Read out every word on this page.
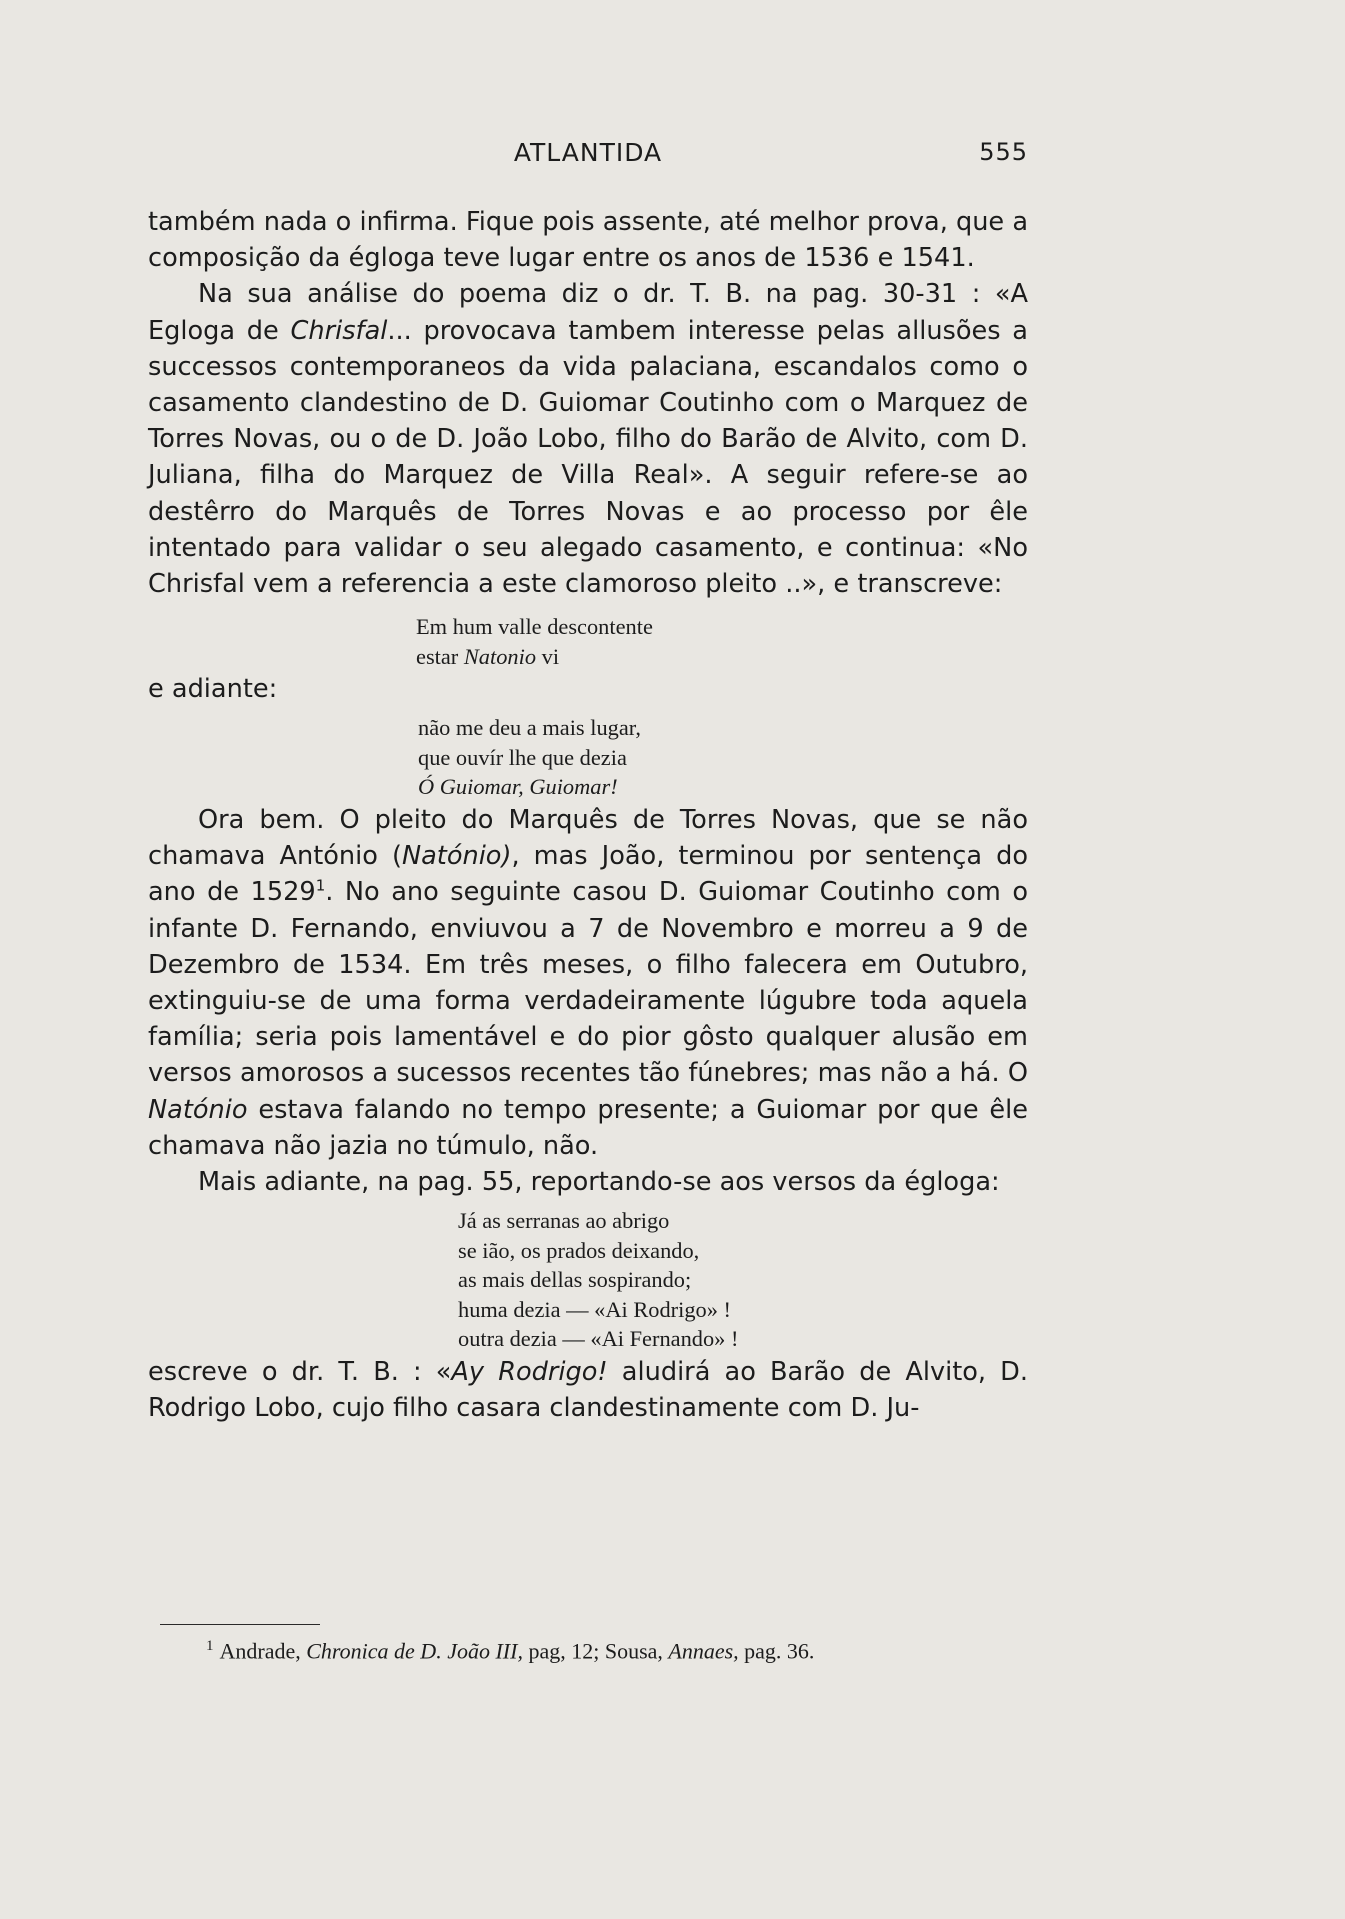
ATLANTIDA	555

também nada o infirma. Fique pois assente, até melhor prova, que a composição da égloga teve lugar entre os anos de 1536 e 1541.

Na sua análise do poema diz o dr. T. B. na pag. 30-31 : «A Egloga de Chrisfal... provocava tambem interesse pelas allusões a successos contemporaneos da vida palaciana, escandalos como o casamento clandestino de D. Guiomar Coutinho com o Marquez de Torres Novas, ou o de D. João Lobo, filho do Barão de Alvito, com D. Juliana, filha do Marquez de Villa Real». A seguir refere-se ao destêrro do Marquês de Torres Novas e ao processo por êle intentado para validar o seu alegado casamento, e continua: «No Chrisfal vem a referencia a este clamoroso pleito ..», e transcreve:

Em hum valle descontente
estar Natonio vi

e adiante:

não me deu a mais lugar,
que ouvír lhe que dezia
Ó Guiomar, Guiomar!

Ora bem. O pleito do Marquês de Torres Novas, que se não chamava António (Natónio), mas João, terminou por sentença do ano de 1529$^1$. No ano seguinte casou D. Guiomar Coutinho com o infante D. Fernando, enviuvou a 7 de Novembro e morreu a 9 de Dezembro de 1534. Em três meses, o filho falecera em Outubro, extinguiu-se de uma forma verdadeiramente lúgubre toda aquela família; seria pois lamentável e do pior gôsto qualquer alusão em versos amorosos a sucessos recentes tão fúnebres; mas não a há. O Natónio estava falando no tempo presente; a Guiomar por que êle chamava não jazia no túmulo, não.

Mais adiante, na pag. 55, reportando-se aos versos da égloga:

Já as serranas ao abrigo
se ião, os prados deixando,
as mais dellas sospirando;
huma dezia — «Ai Rodrigo» !
outra dezia — «Ai Fernando» !

escreve o dr. T. B. : «Ay Rodrigo! aludirá ao Barão de Alvito, D. Rodrigo Lobo, cujo filho casara clandestinamente com D. Ju-

$^1$ Andrade, Chronica de D. João III, pag, 12; Sousa, Annaes, pag. 36.
